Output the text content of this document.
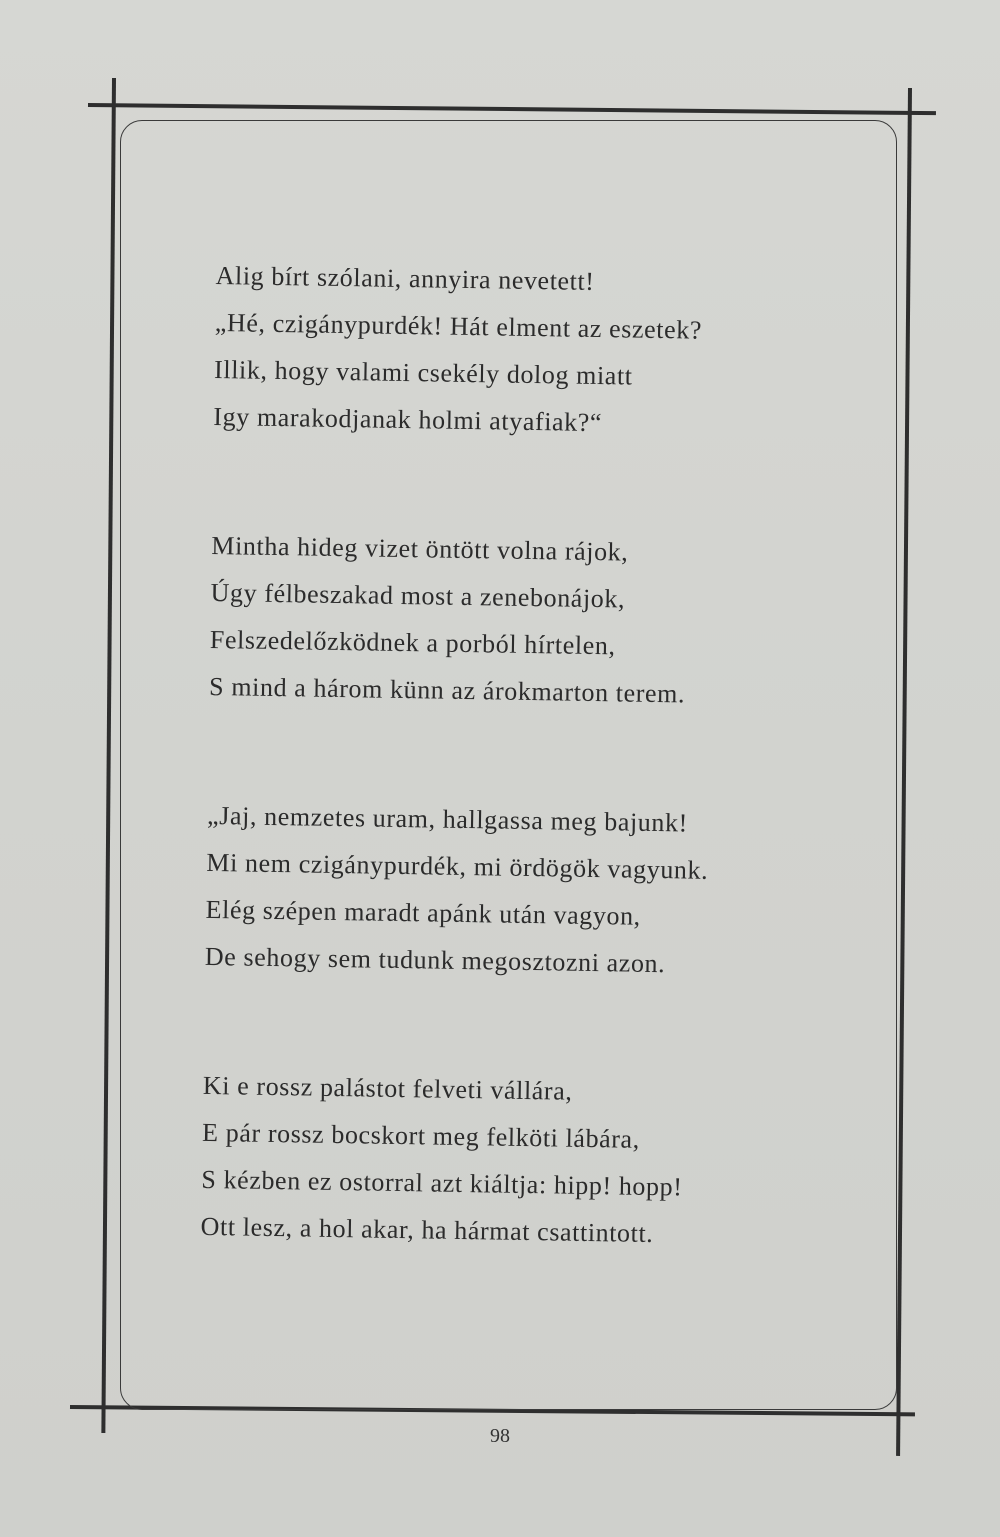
Alig bírt szólani, annyira nevetett!
„Hé, czigánypurdék! Hát elment az eszetek?
Illik, hogy valami csekély dolog miatt
Igy marakodjanak holmi atyafiak?“
Mintha hideg vizet öntött volna rájok,
Úgy félbeszakad most a zenebonájok,
Felszedelőzködnek a porból hírtelen,
S mind a három künn az árokmarton terem.
„Jaj, nemzetes uram, hallgassa meg bajunk!
Mi nem czigánypurdék, mi ördögök vagyunk.
Elég szépen maradt apánk után vagyon,
De sehogy sem tudunk megosztozni azon.
Ki e rossz palástot felveti vállára,
E pár rossz bocskort meg felköti lábára,
S kézben ez ostorral azt kiáltja: hipp! hopp!
Ott lesz, a hol akar, ha hármat csattintott.
98
